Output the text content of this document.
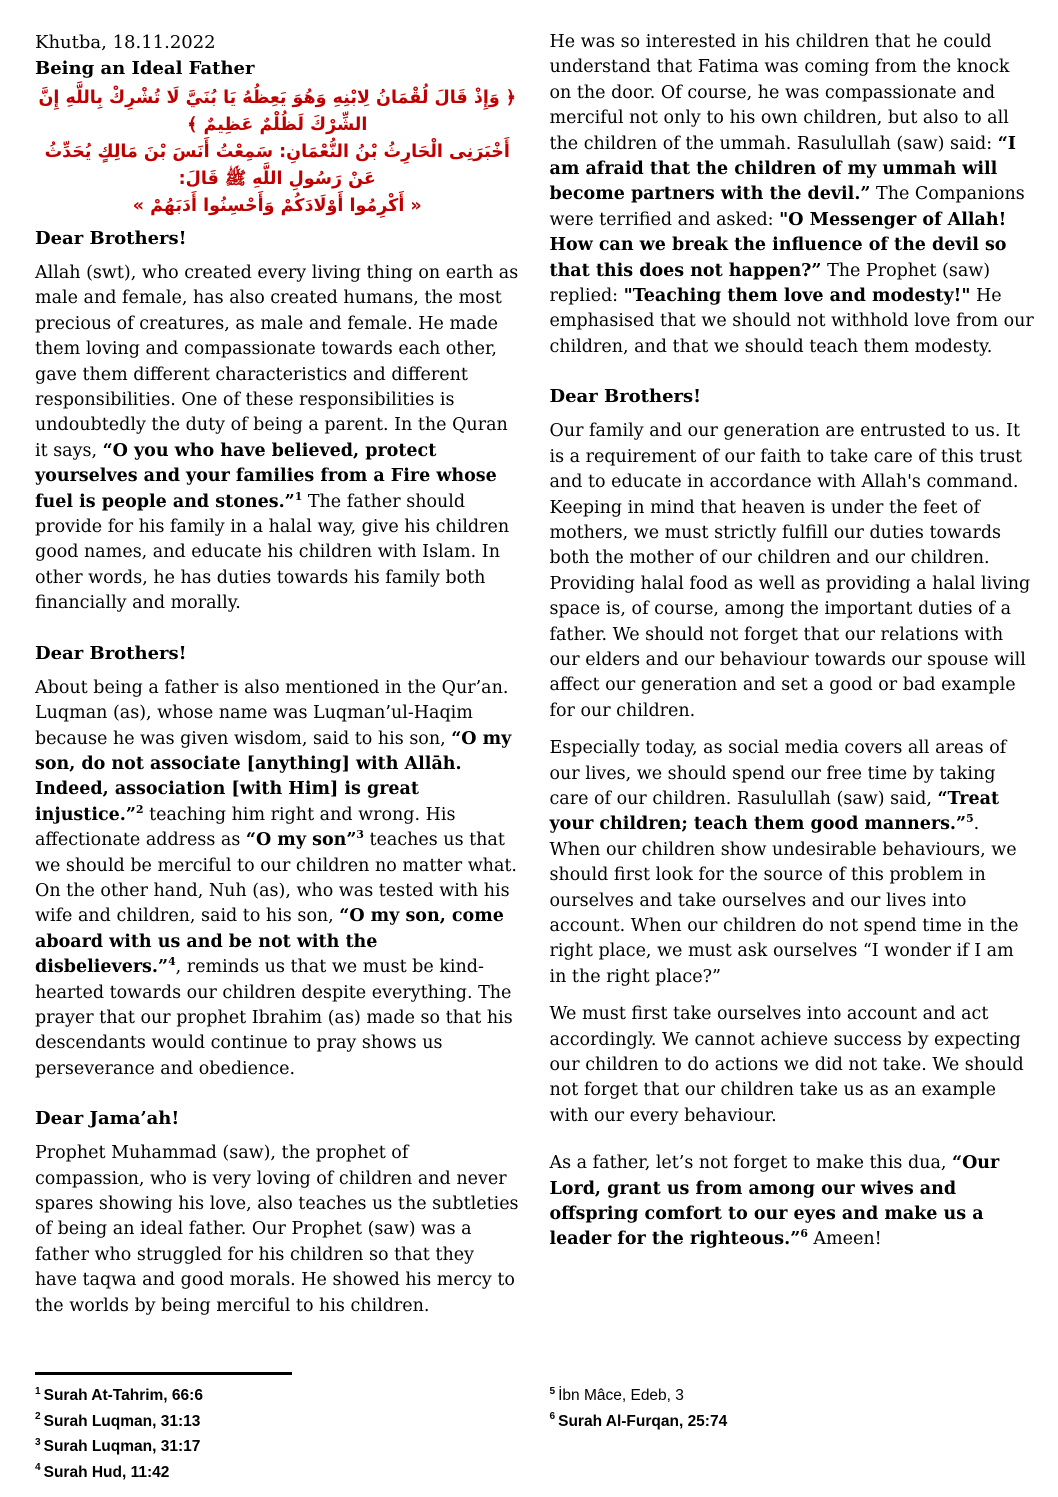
Khutba, 18.11.2022
Being an Ideal Father
﴿ وَإِذْ قَالَ لُقْمَانُ لِابْنِهِ وَهُوَ يَعِظُهُ يَا بُنَيَّ لَا تُشْرِكْ بِاللَّهِ إِنَّ الشِّرْكَ لَظُلْمٌ عَظِيمٌ ﴾
أَخْبَرَنِى الْحَارِثُ بْنُ النُّعْمَانِ: سَمِعْتُ أَنَسَ بْنَ مَالِكٍ يُحَدِّثُ عَنْ رَسُولِ اللَّهِ ﷺ قَالَ:
« أَكْرِمُوا أَوْلَادَكُمْ وَأَحْسِنُوا أَدَبَهُمْ »
Dear Brothers!

Allah (swt), who created every living thing on earth as male and female, has also created humans, the most precious of creatures, as male and female. He made them loving and compassionate towards each other, gave them different characteristics and different responsibilities. One of these responsibilities is undoubtedly the duty of being a parent. In the Quran it says, “O you who have believed, protect yourselves and your families from a Fire whose fuel is people and stones.”$^1$ The father should provide for his family in a halal way, give his children good names, and educate his children with Islam. In other words, he has duties towards his family both financially and morally.

Dear Brothers!

About being a father is also mentioned in the Qur’an. Luqman (as), whose name was Luqman’ul-Haqim because he was given wisdom, said to his son, “O my son, do not associate [anything] with Allāh. Indeed, association [with Him] is great injustice.”$^2$ teaching him right and wrong. His affectionate address as “O my son”$^3$ teaches us that we should be merciful to our children no matter what. On the other hand, Nuh (as), who was tested with his wife and children, said to his son, “O my son, come aboard with us and be not with the disbelievers.”$^4$, reminds us that we must be kind-hearted towards our children despite everything. The prayer that our prophet Ibrahim (as) made so that his descendants would continue to pray shows us perseverance and obedience.

Dear Jama’ah!

Prophet Muhammad (saw), the prophet of compassion, who is very loving of children and never spares showing his love, also teaches us the subtleties of being an ideal father. Our Prophet (saw) was a father who struggled for his children so that they have taqwa and good morals. He showed his mercy to the worlds by being merciful to his children.

He was so interested in his children that he could understand that Fatima was coming from the knock on the door. Of course, he was compassionate and merciful not only to his own children, but also to all the children of the ummah. Rasulullah (saw) said: “I am afraid that the children of my ummah will become partners with the devil.” The Companions were terrified and asked: "O Messenger of Allah! How can we break the influence of the devil so that this does not happen?” The Prophet (saw) replied: "Teaching them love and modesty!" He emphasised that we should not withhold love from our children, and that we should teach them modesty.

Dear Brothers!

Our family and our generation are entrusted to us. It is a requirement of our faith to take care of this trust and to educate in accordance with Allah's command. Keeping in mind that heaven is under the feet of mothers, we must strictly fulfill our duties towards both the mother of our children and our children. Providing halal food as well as providing a halal living space is, of course, among the important duties of a father. We should not forget that our relations with our elders and our behaviour towards our spouse will affect our generation and set a good or bad example for our children.

Especially today, as social media covers all areas of our lives, we should spend our free time by taking care of our children. Rasulullah (saw) said, “Treat your children; teach them good manners.”$^5$. When our children show undesirable behaviours, we should first look for the source of this problem in ourselves and take ourselves and our lives into account. When our children do not spend time in the right place, we must ask ourselves “I wonder if I am in the right place?”

We must first take ourselves into account and act accordingly. We cannot achieve success by expecting our children to do actions we did not take. We should not forget that our children take us as an example with our every behaviour.

As a father, let’s not forget to make this dua, “Our Lord, grant us from among our wives and offspring comfort to our eyes and make us a leader for the righteous.”$^6$ Ameen!

$^1$ Surah At-Tahrim, 66:6
$^2$ Surah Luqman, 31:13
$^3$ Surah Luqman, 31:17
$^4$ Surah Hud, 11:42
$^5$ İbn Mâce, Edeb, 3
$^6$ Surah Al-Furqan, 25:74
